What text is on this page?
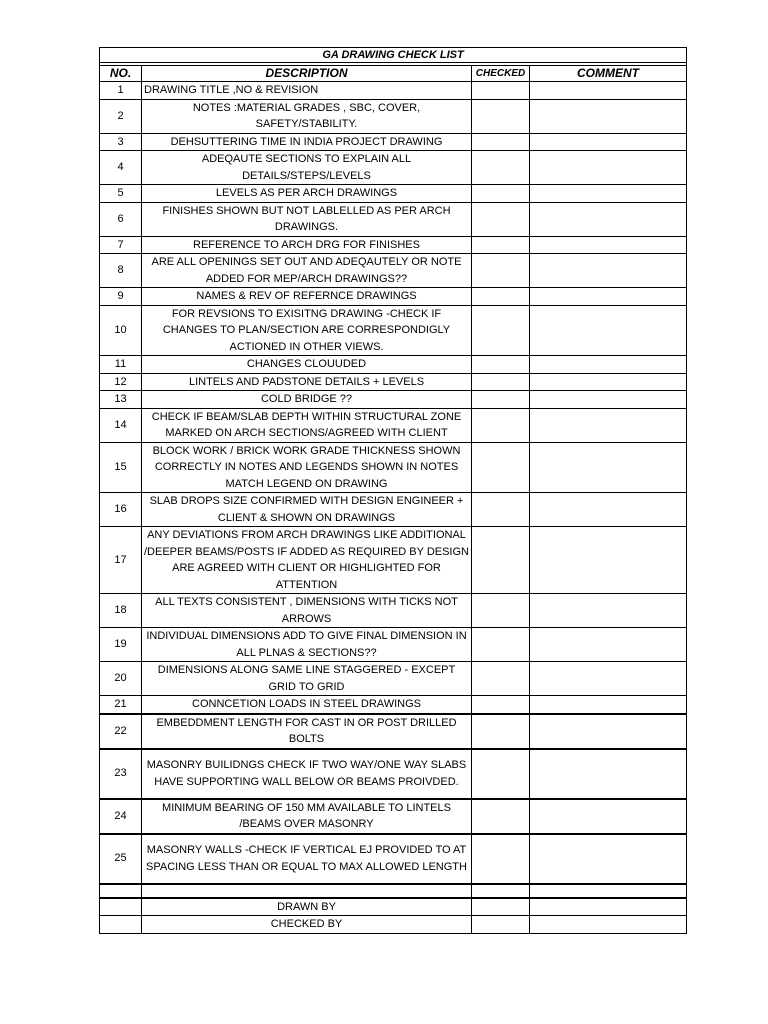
GA DRAWING CHECK LIST			

NO.	DESCRIPTION	CHECKED	COMMENT
1	DRAWING TITLE ,NO & REVISION		
2	NOTES :MATERIAL GRADES , SBC, COVER, SAFETY/STABILITY.		
3	DEHSUTTERING TIME IN INDIA PROJECT DRAWING		
4	ADEQAUTE SECTIONS TO EXPLAIN ALL DETAILS/STEPS/LEVELS		
5	LEVELS AS PER ARCH DRAWINGS		
6	FINISHES SHOWN BUT NOT LABLELLED AS PER ARCH DRAWINGS.		
7	REFERENCE TO ARCH DRG FOR FINISHES		
8	ARE ALL OPENINGS SET OUT AND ADEQAUTELY OR NOTE ADDED FOR MEP/ARCH DRAWINGS??		
9	NAMES & REV OF REFERNCE DRAWINGS		
10	FOR REVSIONS TO EXISITNG DRAWING -CHECK IF CHANGES TO PLAN/SECTION ARE CORRESPONDIGLY ACTIONED IN OTHER VIEWS.		
11	CHANGES CLOUUDED		
12	LINTELS AND PADSTONE DETAILS + LEVELS		
13	COLD BRIDGE ??		
14	CHECK IF BEAM/SLAB DEPTH WITHIN STRUCTURAL ZONE MARKED ON ARCH SECTIONS/AGREED WITH CLIENT		
15	BLOCK WORK / BRICK WORK GRADE THICKNESS SHOWN CORRECTLY IN NOTES AND LEGENDS SHOWN IN NOTES MATCH LEGEND ON DRAWING		
16	SLAB DROPS SIZE CONFIRMED WITH DESIGN ENGINEER + CLIENT & SHOWN ON DRAWINGS		
17	ANY DEVIATIONS FROM ARCH DRAWINGS LIKE ADDITIONAL /DEEPER BEAMS/POSTS IF ADDED AS REQUIRED BY DESIGN ARE AGREED WITH CLIENT OR HIGHLIGHTED FOR ATTENTION		
18	ALL TEXTS CONSISTENT , DIMENSIONS WITH TICKS NOT ARROWS		
19	INDIVIDUAL DIMENSIONS ADD TO GIVE FINAL DIMENSION IN ALL PLNAS & SECTIONS??		
20	DIMENSIONS ALONG SAME LINE STAGGERED - EXCEPT GRID TO GRID		
21	CONNCETION LOADS IN STEEL DRAWINGS		
22	EMBEDDMENT LENGTH FOR CAST IN OR POST DRILLED BOLTS		
23	MASONRY BUILIDNGS CHECK IF TWO WAY/ONE WAY SLABS HAVE SUPPORTING WALL BELOW OR BEAMS PROIVDED.		
24	MINIMUM BEARING OF 150 MM AVAILABLE TO LINTELS /BEAMS OVER MASONRY		
25	MASONRY WALLS -CHECK IF VERTICAL EJ PROVIDED TO AT SPACING LESS THAN OR EQUAL TO MAX ALLOWED LENGTH		

	DRAWN BY		
	CHECKED BY		
